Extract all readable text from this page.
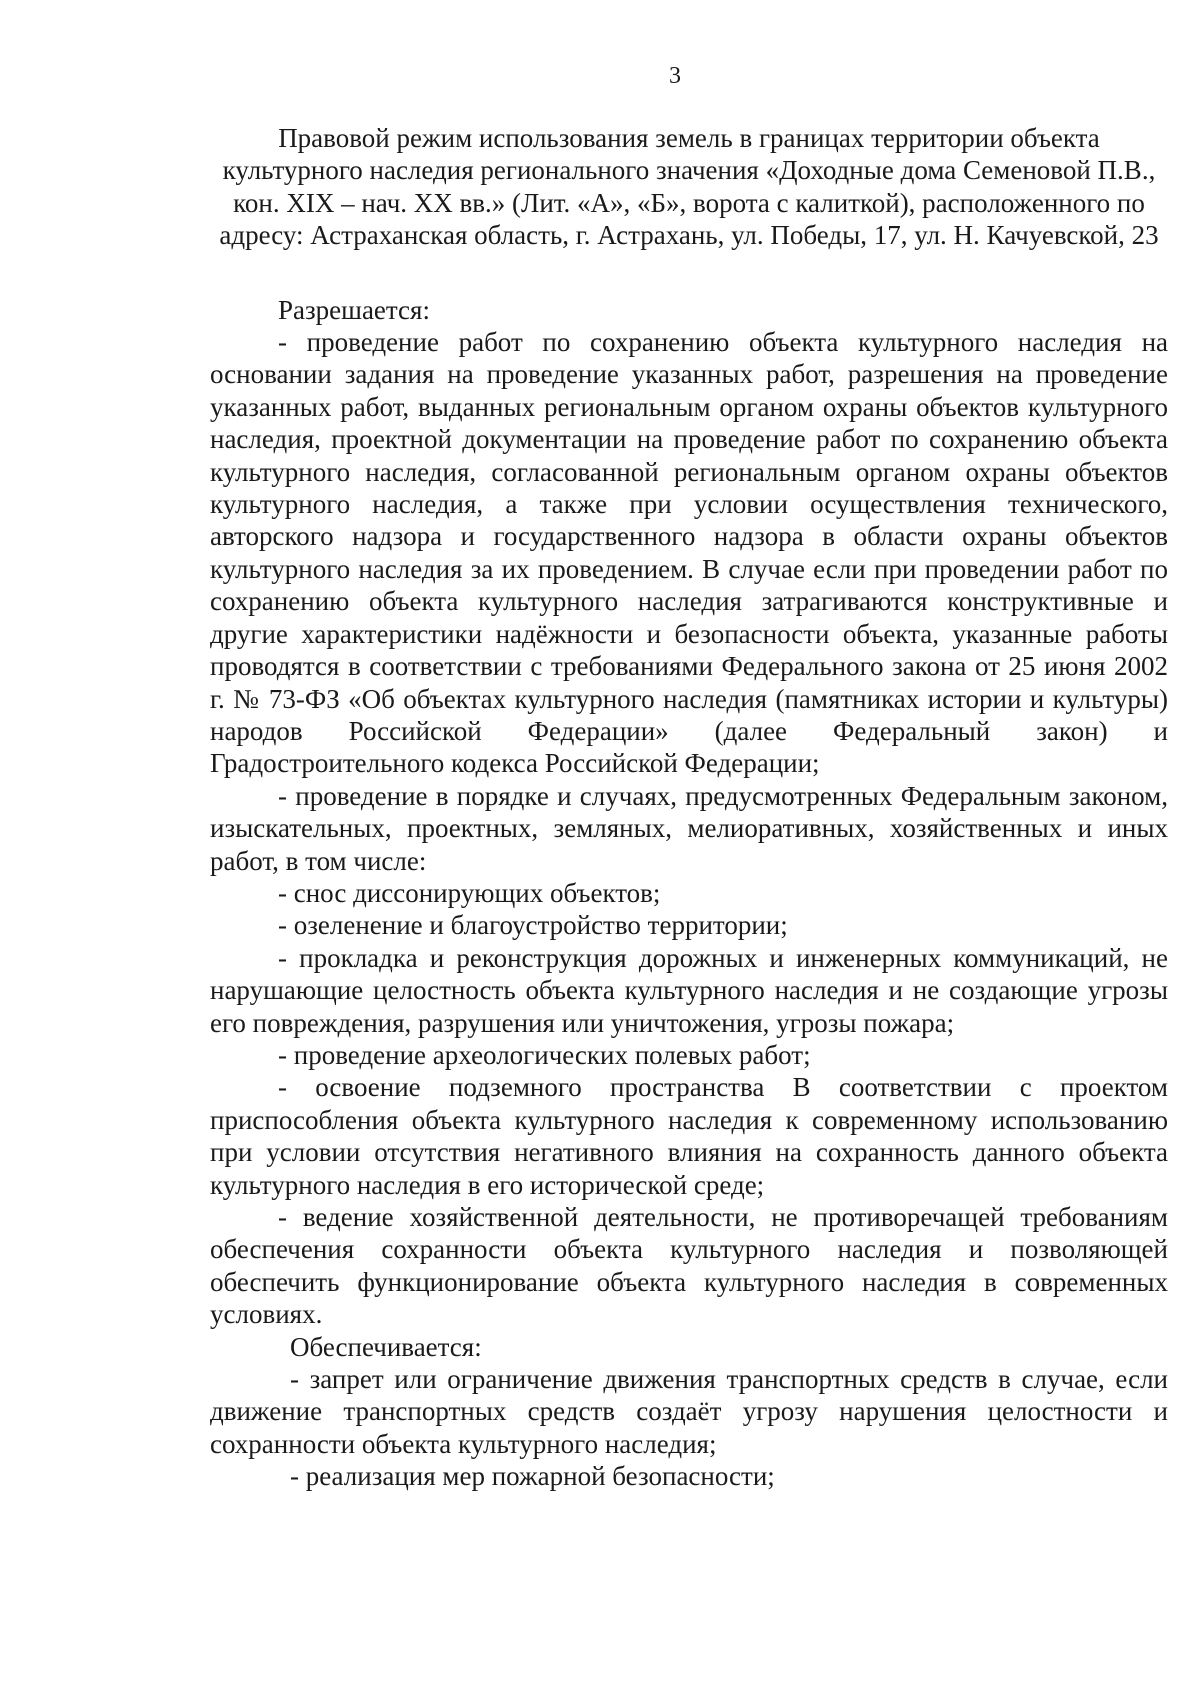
3

Правовой режим использования земель в границах территории объекта культурного наследия регионального значения «Доходные дома Семеновой П.В., кон. XIX – нач. XX вв.» (Лит. «А», «Б», ворота с калиткой), расположенного по адресу: Астраханская область, г. Астрахань, ул. Победы, 17, ул. Н. Качуевской, 23

Разрешается:

- проведение работ по сохранению объекта культурного наследия на основании задания на проведение указанных работ, разрешения на проведение указанных работ, выданных региональным органом охраны объектов культурного наследия, проектной документации на проведение работ по сохранению объекта культурного наследия, согласованной региональным органом охраны объектов культурного наследия, а также при условии осуществления технического, авторского надзора и государственного надзора в области охраны объектов культурного наследия за их проведением. В случае если при проведении работ по сохранению объекта культурного наследия затрагиваются конструктивные и другие характеристики надёжности и безопасности объекта, указанные работы проводятся в соответствии с требованиями Федерального закона от 25 июня 2002 г. № 73-ФЗ «Об объектах культурного наследия (памятниках истории и культуры) народов Российской Федерации» (далее Федеральный закон) и Градостроительного кодекса Российской Федерации;

- проведение в порядке и случаях, предусмотренных Федеральным законом, изыскательных, проектных, земляных, мелиоративных, хозяйственных и иных работ, в том числе:

- снос диссонирующих объектов;

- озеленение и благоустройство территории;

- прокладка и реконструкция дорожных и инженерных коммуникаций, не нарушающие целостность объекта культурного наследия и не создающие угрозы его повреждения, разрушения или уничтожения, угрозы пожара;

- проведение археологических полевых работ;

- освоение подземного пространства В соответствии с проектом приспособления объекта культурного наследия к современному использованию при условии отсутствия негативного влияния на сохранность данного объекта культурного наследия в его исторической среде;

- ведение хозяйственной деятельности, не противоречащей требованиям обеспечения сохранности объекта культурного наследия и позволяющей обеспечить функционирование объекта культурного наследия в современных условиях.

Обеспечивается:

- запрет или ограничение движения транспортных средств в случае, если движение транспортных средств создаёт угрозу нарушения целостности и сохранности объекта культурного наследия;

- реализация мер пожарной безопасности;
